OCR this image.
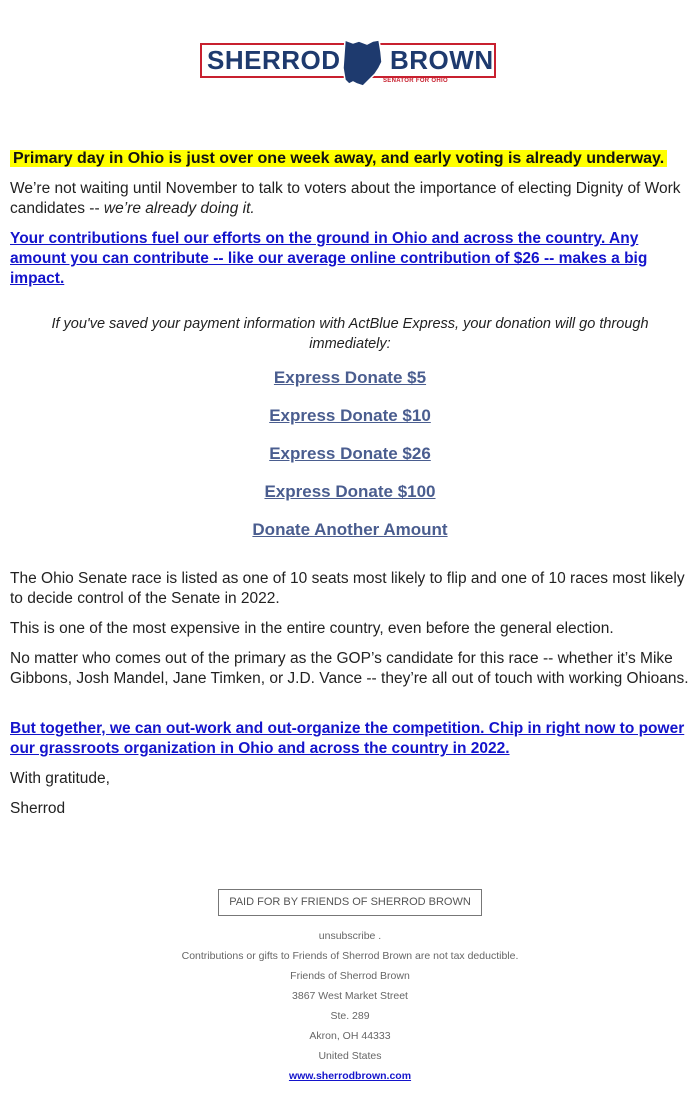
SHERROD BROWN
SENATOR FOR OHIO
Primary day in Ohio is just over one week away, and early voting is already underway.

We’re not waiting until November to talk to voters about the importance of electing Dignity of Work candidates -- we’re already doing it.

Your contributions fuel our efforts on the ground in Ohio and across the country. Any amount you can contribute -- like our average online contribution of $26 -- makes a big impact.

If you've saved your payment information with ActBlue Express, your donation will go through immediately:

Express Donate $5
Express Donate $10
Express Donate $26
Express Donate $100
Donate Another Amount

The Ohio Senate race is listed as one of 10 seats most likely to flip and one of 10 races most likely to decide control of the Senate in 2022.

This is one of the most expensive in the entire country, even before the general election.

No matter who comes out of the primary as the GOP’s candidate for this race -- whether it’s Mike Gibbons, Josh Mandel, Jane Timken, or J.D. Vance -- they’re all out of touch with working Ohioans.

But together, we can out-work and out-organize the competition. Chip in right now to power our grassroots organization in Ohio and across the country in 2022.

With gratitude,

Sherrod

PAID FOR BY FRIENDS OF SHERROD BROWN
unsubscribe .
Contributions or gifts to Friends of Sherrod Brown are not tax deductible.
Friends of Sherrod Brown
3867 West Market Street
Ste. 289
Akron, OH 44333
United States
www.sherrodbrown.com
